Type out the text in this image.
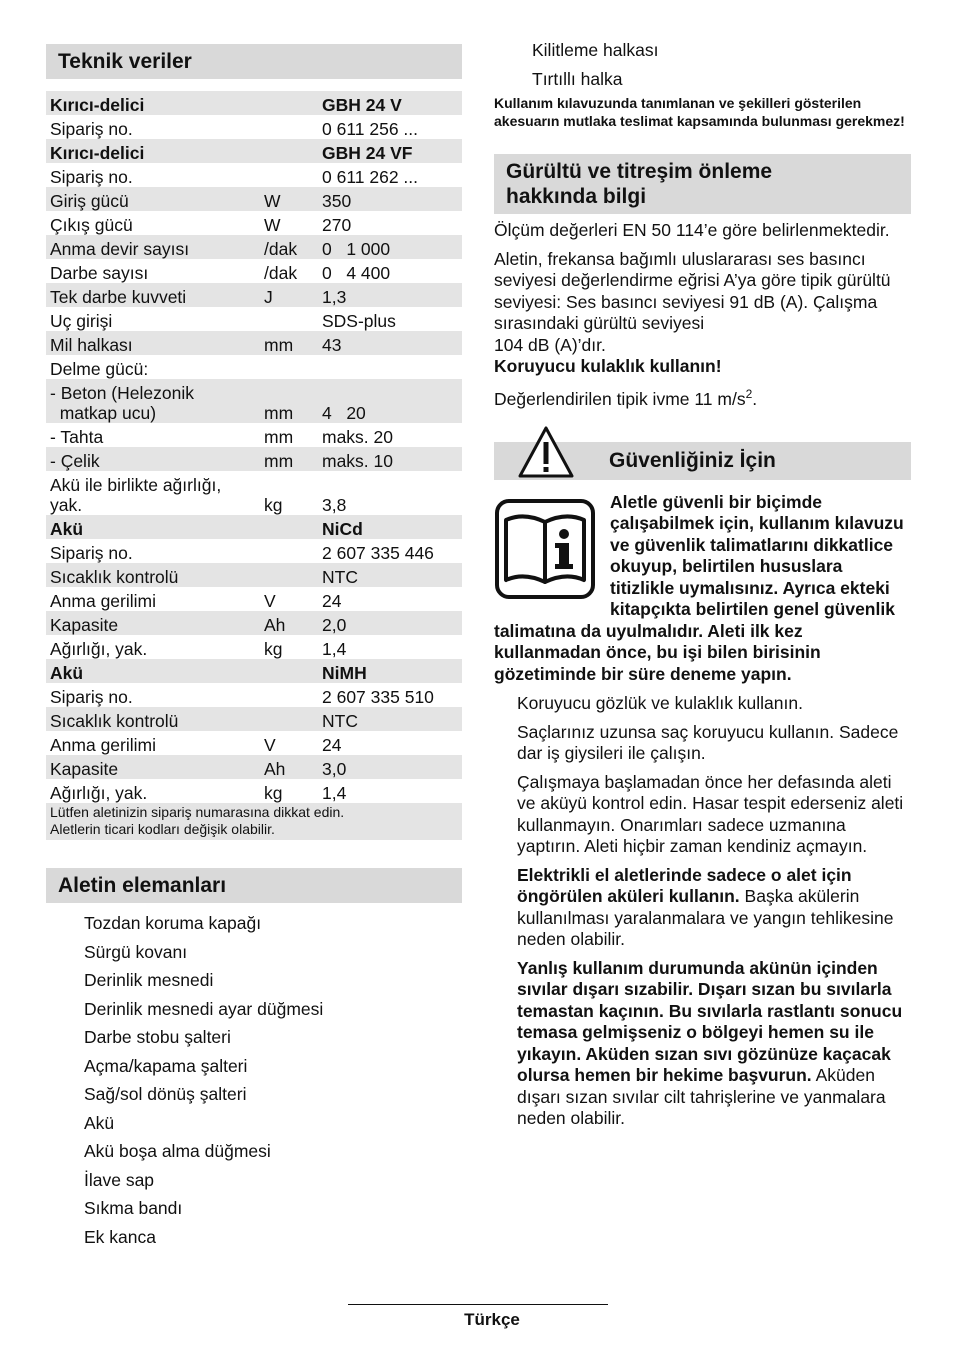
Teknik veriler
Kırıcı-delici		GBH 24 V
Sipariş no.		0 611 256 ...
Kırıcı-delici		GBH 24 VF
Sipariş no.		0 611 262 ...
Giriş gücü	W	350
Çıkış gücü	W	270
Anma devir sayısı	/dak	0   1 000
Darbe sayısı	/dak	0   4 400
Tek darbe kuvveti	J	1,3
Uç girişi		SDS-plus
Mil halkası	mm	43
Delme gücü:		
- Beton (Helezonik
matkap ucu)	mm	4   20
- Tahta	mm	maks. 20
- Çelik	mm	maks. 10
Akü ile birlikte ağırlığı,
yak.	kg	3,8
Akü		NiCd
Sipariş no.		2 607 335 446
Sıcaklık kontrolü		NTC
Anma gerilimi	V	24
Kapasite	Ah	2,0
Ağırlığı, yak.	kg	1,4
Akü		NiMH
Sipariş no.		2 607 335 510
Sıcaklık kontrolü		NTC
Anma gerilimi	V	24
Kapasite	Ah	3,0
Ağırlığı, yak.	kg	1,4
Lütfen aletinizin sipariş numarasına dikkat edin.
Aletlerin ticari kodları değişik olabilir.
Aletin elemanları
Tozdan koruma kapağı
Sürgü kovanı
Derinlik mesnedi
Derinlik mesnedi ayar düğmesi
Darbe stobu şalteri
Açma/kapama şalteri
Sağ/sol dönüş şalteri
Akü
Akü boşa alma düğmesi
İlave sap
Sıkma bandı
Ek kanca
Kilitleme halkası
Tırtıllı halka

Kullanım kılavuzunda tanımlanan ve şekilleri gösterilen akesuarın mutlaka teslimat kapsamında bulunması gerekmez!

Gürültü ve titreşim önleme
hakkında bilgi

Ölçüm değerleri EN 50 114’e göre belirlenmektedir.

Aletin, frekansa bağımlı uluslararası ses basıncı seviyesi değerlendirme eğrisi A’ya göre tipik gürültü seviyesi: Ses basıncı seviyesi 91 dB (A). Çalışma sırasındaki gürültü seviyesi
104 dB (A)’dır.

Koruyucu kulaklık kullanın!

Değerlendirilen tipik ivme 11 $m/s^2$.

Güvenliğiniz İçin
Aletle güvenli bir biçimde çalışabilmek için, kullanım kılavuzu ve güvenlik talimatlarını dikkatlice okuyup, belirtilen hususlara titizlikle uymalısınız. Ayrıca ekteki kitapçıkta belirtilen genel güvenlik talimatına da uyulmalıdır. Aleti ilk kez kullanmadan önce, bu işi bilen birisinin gözetiminde bir süre deneme yapın.

Koruyucu gözlük ve kulaklık kullanın.

Saçlarınız uzunsa saç koruyucu kullanın. Sadece dar iş giysileri ile çalışın.

Çalışmaya başlamadan önce her defasında aleti ve aküyü kontrol edin. Hasar tespit ederseniz aleti kullanmayın. Onarımları sadece uzmanına yaptırın. Aleti hiçbir zaman kendiniz açmayın.

Elektrikli el aletlerinde sadece o alet için öngörülen aküleri kullanın. Başka akülerin kullanılması yaralanmalara ve yangın tehlikesine neden olabilir.

Yanlış kullanım durumunda akünün içinden sıvılar dışarı sızabilir. Dışarı sızan bu sıvılarla temastan kaçının. Bu sıvılarla rastlantı sonucu temasa gelmişseniz o bölgeyi hemen su ile yıkayın. Aküden sızan sıvı gözünüze kaçacak olursa hemen bir hekime başvurun. Aküden dışarı sızan sıvılar cilt tahrişlerine ve yanmalara neden olabilir.

Türkçe
